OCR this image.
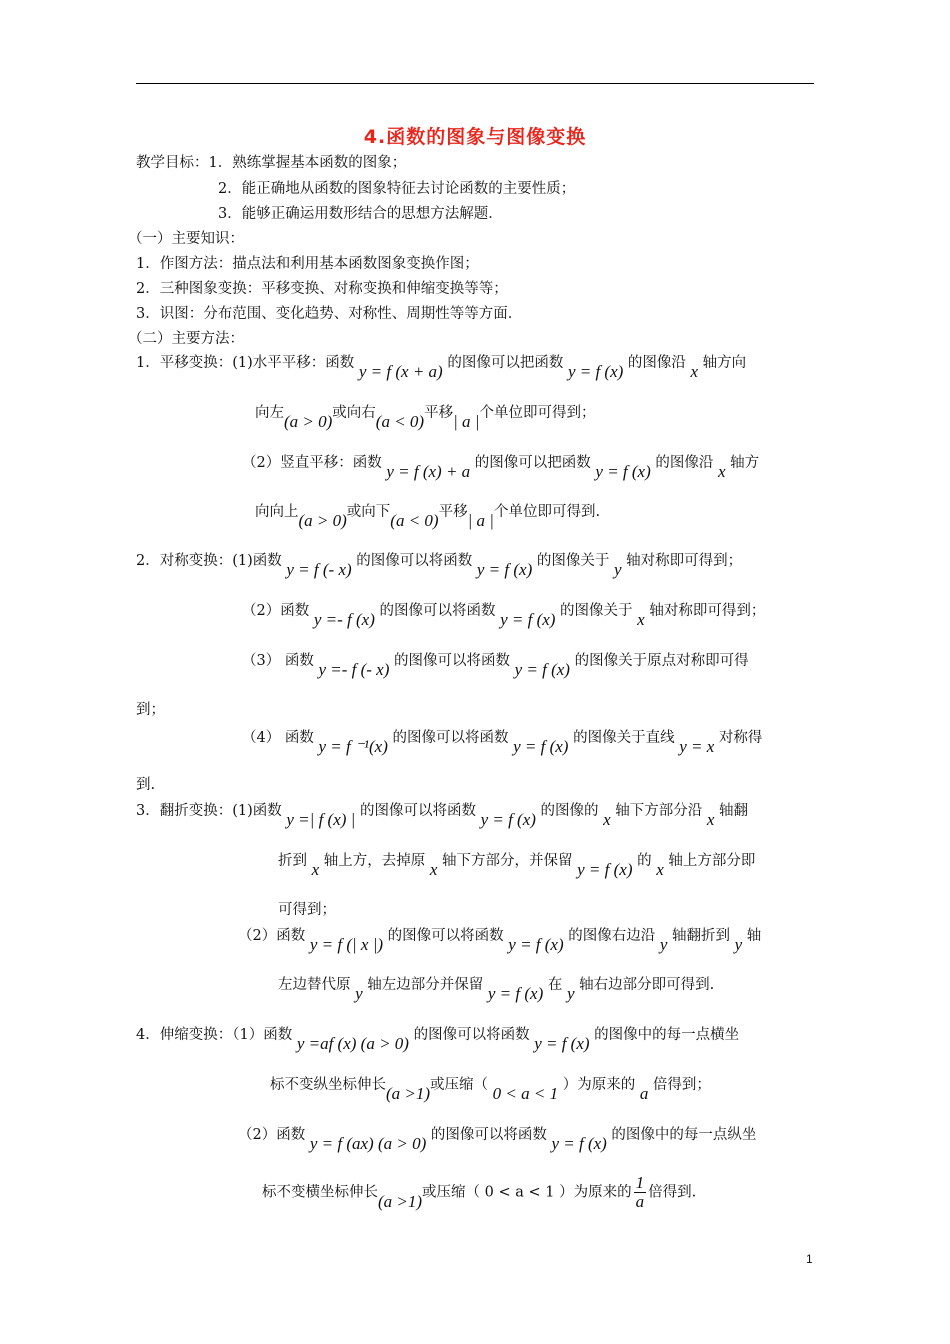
4.函数的图象与图像变换
教学目标：1．熟练掌握基本函数的图象；
2．能正确地从函数的图象特征去讨论函数的主要性质；
3．能够正确运用数形结合的思想方法解题．
（一）主要知识：
1．作图方法：描点法和利用基本函数图象变换作图；
2．三种图象变换：平移变换、对称变换和伸缩变换等等；
3．识图：分布范围、变化趋势、对称性、周期性等等方面．
（二）主要方法：
1．平移变换：(1)水平平移：函数 y = f (x + a) 的图像可以把函数 y = f (x) 的图像沿 x 轴方向
向左(a > 0)或向右(a < 0)平移| a |个单位即可得到；
（2）竖直平移：函数 y = f (x) + a 的图像可以把函数 y = f (x) 的图像沿 x 轴方
向向上(a > 0)或向下(a < 0)平移| a |个单位即可得到.
2．对称变换：(1)函数 y = f (- x) 的图像可以将函数 y = f (x) 的图像关于 y 轴对称即可得到；
（2）函数 y =- f (x) 的图像可以将函数 y = f (x) 的图像关于 x 轴对称即可得到；
（3） 函数 y =- f (- x) 的图像可以将函数 y = f (x) 的图像关于原点对称即可得
到；
（4） 函数 y = f ⁻¹(x) 的图像可以将函数 y = f (x) 的图像关于直线 y = x 对称得
到.
3．翻折变换：(1)函数 y =| f (x) | 的图像可以将函数 y = f (x) 的图像的 x 轴下方部分沿 x 轴翻
折到 x 轴上方，去掉原 x 轴下方部分，并保留 y = f (x) 的 x 轴上方部分即
可得到；
（2）函数 y = f (| x |) 的图像可以将函数 y = f (x) 的图像右边沿 y 轴翻折到 y 轴
左边替代原 y 轴左边部分并保留 y = f (x) 在 y 轴右边部分即可得到.
4．伸缩变换：（1）函数 y =af (x) (a > 0) 的图像可以将函数 y = f (x) 的图像中的每一点横坐
标不变纵坐标伸长(a >1)或压缩（ 0 < a < 1 ）为原来的 a 倍得到；
（2）函数 y = f (ax) (a > 0) 的图像可以将函数 y = f (x) 的图像中的每一点纵坐
标不变横坐标伸长(a >1)或压缩（ 0 < a < 1 ）为原来的 $\frac{1}{a}$ 倍得到.
1
